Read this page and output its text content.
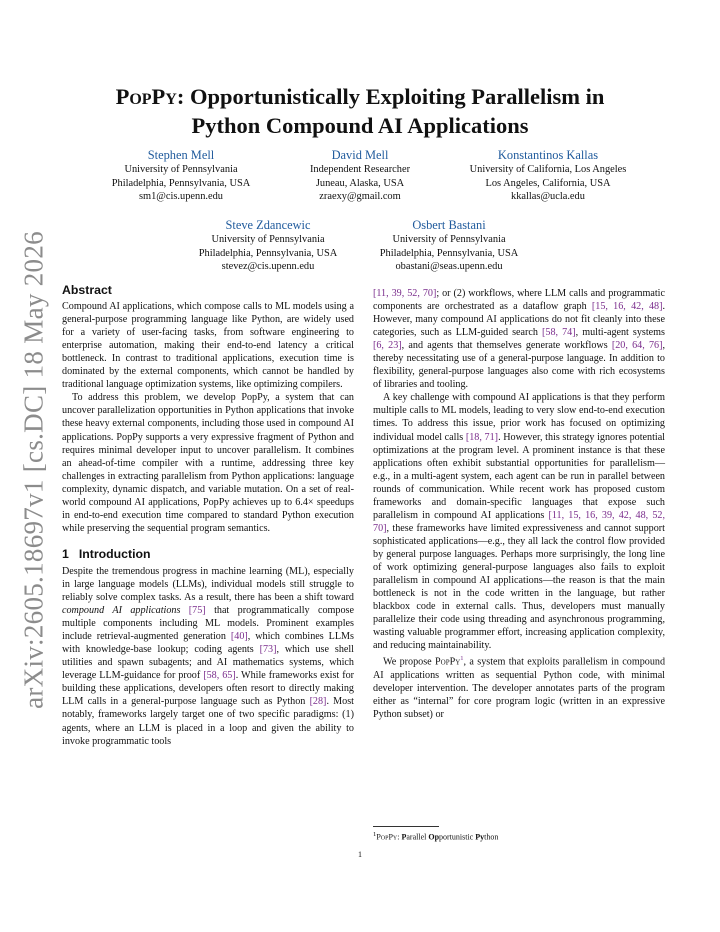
arXiv:2605.18697v1 [cs.DC] 18 May 2026
PopPy: Opportunistically Exploiting Parallelism in
Python Compound AI Applications
Stephen Mell
University of Pennsylvania
Philadelphia, Pennsylvania, USA
sm1@cis.upenn.edu
David Mell
Independent Researcher
Juneau, Alaska, USA
zraexy@gmail.com
Konstantinos Kallas
University of California, Los Angeles
Los Angeles, California, USA
kkallas@ucla.edu
Steve Zdancewic
University of Pennsylvania
Philadelphia, Pennsylvania, USA
stevez@cis.upenn.edu
Osbert Bastani
University of Pennsylvania
Philadelphia, Pennsylvania, USA
obastani@seas.upenn.edu
Abstract

Compound AI applications, which compose calls to ML models using a general-purpose programming language like Python, are widely used for a variety of user-facing tasks, from software engineering to enterprise automation, making their end-to-end latency a critical bottleneck. In contrast to traditional applications, execution time is dominated by the external components, which cannot be handled by traditional language optimization systems, like optimizing compilers.

To address this problem, we develop PopPy, a system that can uncover parallelization opportunities in Python applications that invoke these heavy external components, including those used in compound AI applications. PopPy supports a very expressive fragment of Python and requires minimal developer input to uncover parallelism. It combines an ahead-of-time compiler with a runtime, addressing three key challenges in extracting parallelism from Python applications: language complexity, dynamic dispatch, and variable mutation. On a set of real-world compound AI applications, PopPy achieves up to 6.4× speedups in end-to-end execution time compared to standard Python execution while preserving the sequential program semantics.

1 Introduction

Despite the tremendous progress in machine learning (ML), especially in large language models (LLMs), individual models still struggle to reliably solve complex tasks. As a result, there has been a shift toward compound AI applications [75] that programmatically compose multiple components including ML models. Prominent examples include retrieval-augmented generation [40], which combines LLMs with knowledge-base lookup; coding agents [73], which use shell utilities and spawn subagents; and AI mathematics systems, which leverage LLM-guidance for proof [58, 65]. While frameworks exist for building these applications, developers often resort to directly making LLM calls in a general-purpose language such as Python [28]. Most notably, frameworks largely target one of two specific paradigms: (1) agents, where an LLM is placed in a loop and given the ability to invoke programmatic tools

[11, 39, 52, 70]; or (2) workflows, where LLM calls and programmatic components are orchestrated as a dataflow graph [15, 16, 42, 48]. However, many compound AI applications do not fit cleanly into these categories, such as LLM-guided search [58, 74], multi-agent systems [6, 23], and agents that themselves generate workflows [20, 64, 76], thereby necessitating use of a general-purpose language. In addition to flexibility, general-purpose languages also come with rich ecosystems of libraries and tooling.

A key challenge with compound AI applications is that they perform multiple calls to ML models, leading to very slow end-to-end execution times. To address this issue, prior work has focused on optimizing individual model calls [18, 71]. However, this strategy ignores potential optimizations at the program level. A prominent instance is that these applications often exhibit substantial opportunities for parallelism—e.g., in a multi-agent system, each agent can be run in parallel between rounds of communication. While recent work has proposed custom frameworks and domain-specific languages that expose such parallelism in compound AI applications [11, 15, 16, 39, 42, 48, 52, 70], these frameworks have limited expressiveness and cannot support sophisticated applications—e.g., they all lack the control flow provided by general purpose languages. Perhaps more surprisingly, the long line of work optimizing general-purpose languages also fails to exploit parallelism in compound AI applications—the reason is that the main bottleneck is not in the code written in the language, but rather blackbox code in external calls. Thus, developers must manually parallelize their code using threading and asynchronous programming, wasting valuable programmer effort, increasing application complexity, and reducing maintainability.

We propose PopPy$^1$, a system that exploits parallelism in compound AI applications written as sequential Python code, with minimal developer intervention. The developer annotates parts of the program either as “internal” for core program logic (written in an expressive Python subset) or

$^1$PopPy: Parallel Opportunistic Python
1
